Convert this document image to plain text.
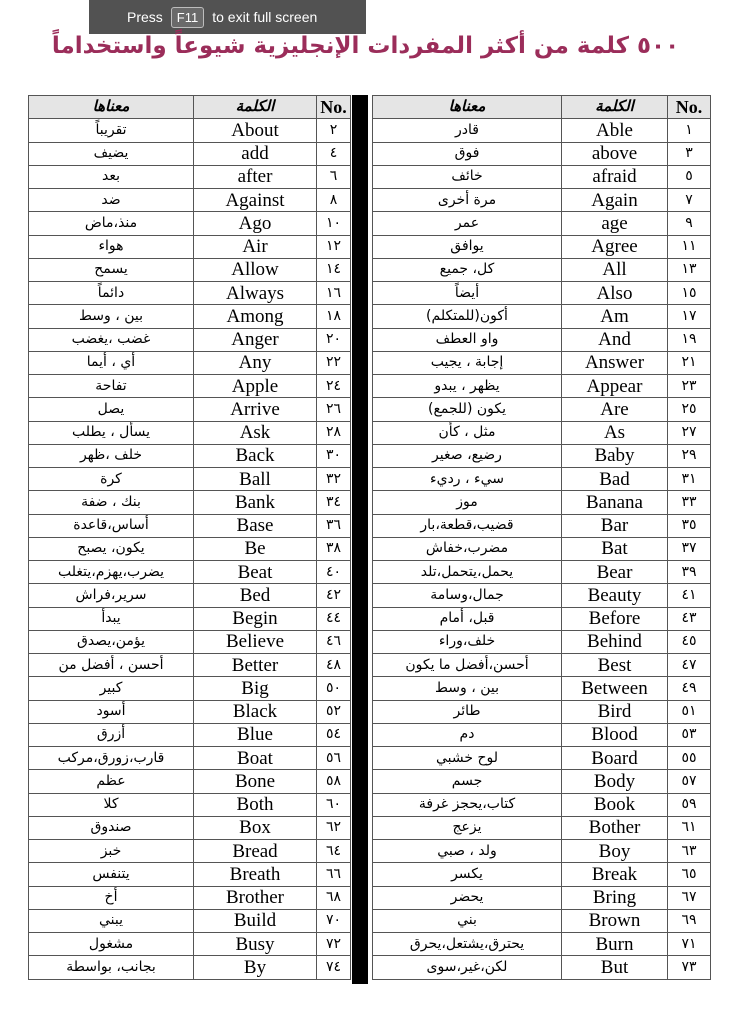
Press	F11	to exit full screen
٥٠٠ كلمة من أكثر المفردات الإنجليزية شيوعاً واستخداماً
معناها	الكلمة	No.
تقريباً	About	٢
يضيف	add	٤
بعد	after	٦
ضد	Against	٨
منذ،ماض	Ago	١٠
هواء	Air	١٢
يسمح	Allow	١٤
دائماً	Always	١٦
بين ، وسط	Among	١٨
غضب ،يغضب	Anger	٢٠
أي ، أيما	Any	٢٢
تفاحة	Apple	٢٤
يصل	Arrive	٢٦
يسأل ، يطلب	Ask	٢٨
خلف ،ظهر	Back	٣٠
كرة	Ball	٣٢
بنك ، ضفة	Bank	٣٤
أساس،قاعدة	Base	٣٦
يكون، يصبح	Be	٣٨
يضرب،يهزم،يتغلب	Beat	٤٠
سرير،فراش	Bed	٤٢
يبدأ	Begin	٤٤
يؤمن،يصدق	Believe	٤٦
أحسن ، أفضل من	Better	٤٨
كبير	Big	٥٠
أسود	Black	٥٢
أزرق	Blue	٥٤
قارب،زورق،مركب	Boat	٥٦
عظم	Bone	٥٨
كلا	Both	٦٠
صندوق	Box	٦٢
خبز	Bread	٦٤
يتنفس	Breath	٦٦
أخ	Brother	٦٨
يبني	Build	٧٠
مشغول	Busy	٧٢
بجانب، بواسطة	By	٧٤
معناها	الكلمة	No.
قادر	Able	١
فوق	above	٣
خائف	afraid	٥
مرة أخرى	Again	٧
عمر	age	٩
يوافق	Agree	١١
كل، جميع	All	١٣
أيضاً	Also	١٥
أكون(للمتكلم)	Am	١٧
واو العطف	And	١٩
إجابة ، يجيب	Answer	٢١
يظهر ، يبدو	Appear	٢٣
يكون (للجمع)	Are	٢٥
مثل ، كأن	As	٢٧
رضيع، صغير	Baby	٢٩
سيء ، رديء	Bad	٣١
موز	Banana	٣٣
قضيب،قطعة،بار	Bar	٣٥
مضرب،خفاش	Bat	٣٧
يحمل،يتحمل،تلد	Bear	٣٩
جمال،وسامة	Beauty	٤١
قبل، أمام	Before	٤٣
خلف،وراء	Behind	٤٥
أحسن،أفضل ما يكون	Best	٤٧
بين ، وسط	Between	٤٩
طائر	Bird	٥١
دم	Blood	٥٣
لوح خشبي	Board	٥٥
جسم	Body	٥٧
كتاب،يحجز غرفة	Book	٥٩
يزعج	Bother	٦١
ولد ، صبي	Boy	٦٣
يكسر	Break	٦٥
يحضر	Bring	٦٧
بني	Brown	٦٩
يحترق،يشتعل،يحرق	Burn	٧١
لكن،غير،سوى	But	٧٣
